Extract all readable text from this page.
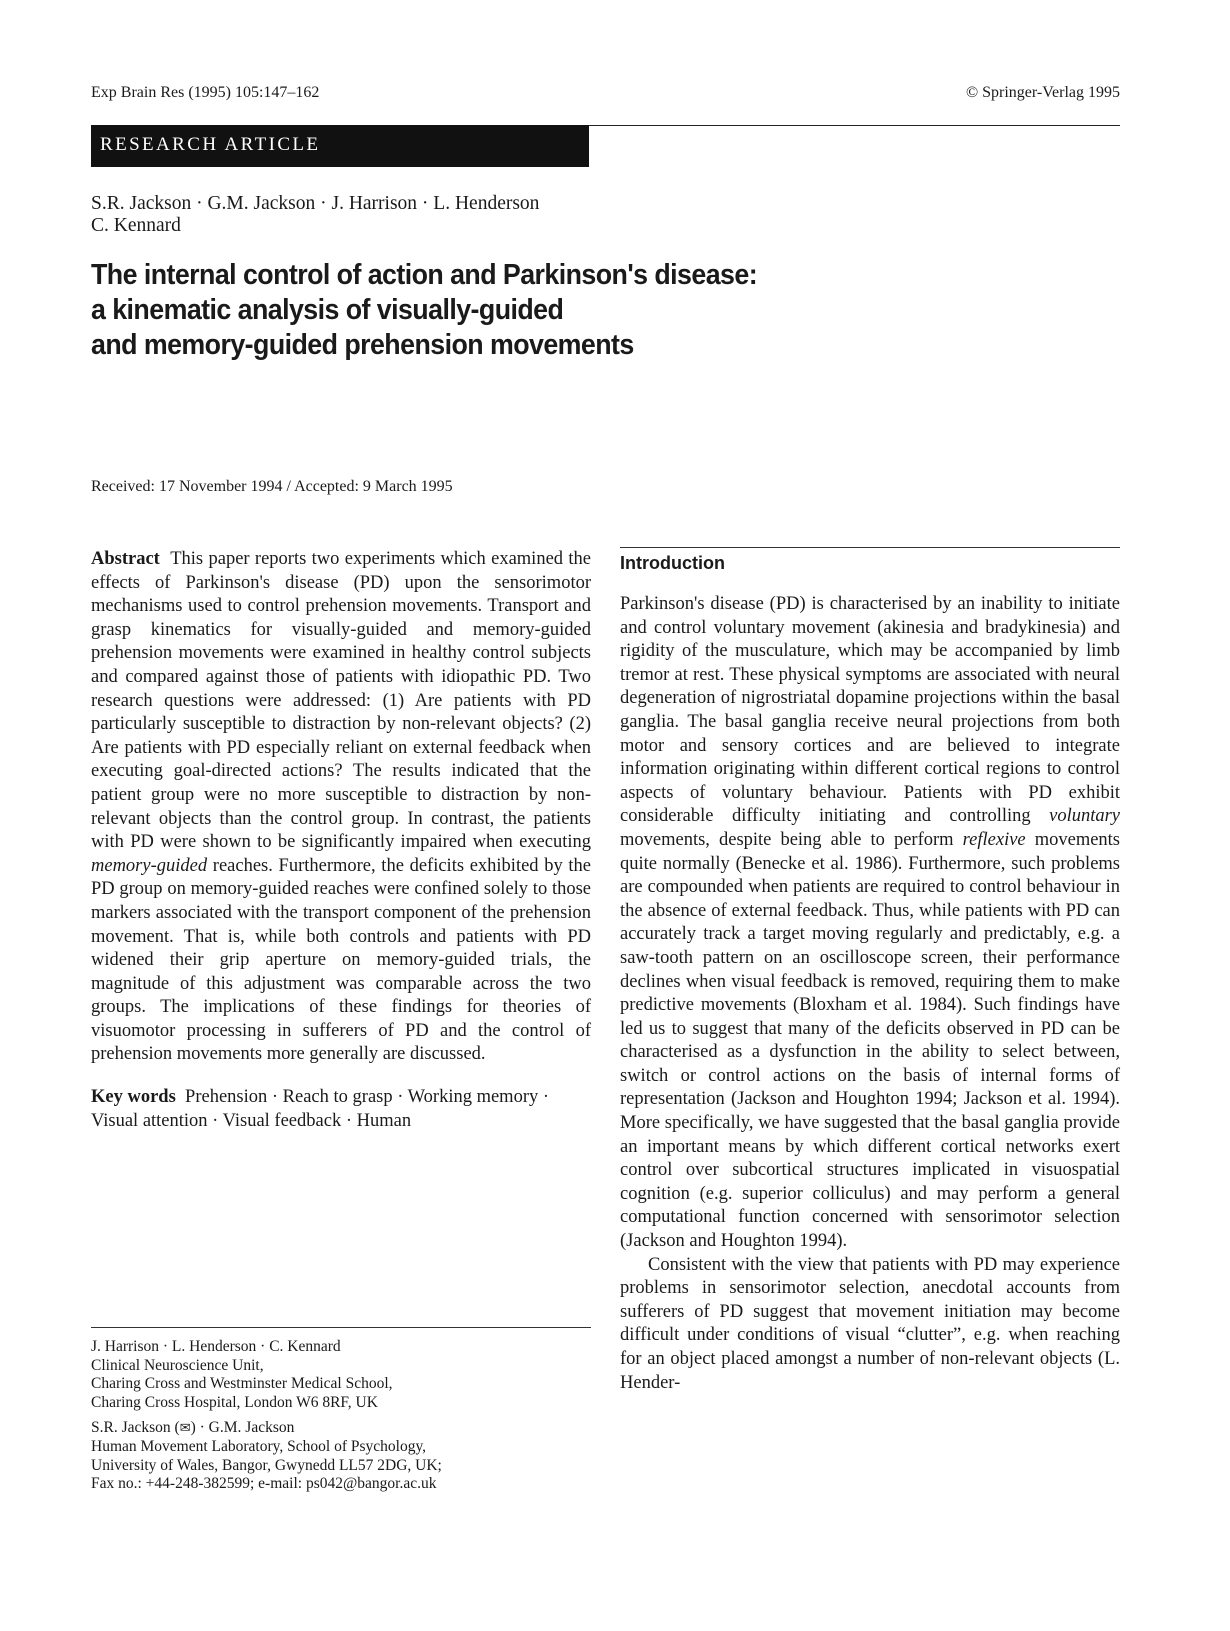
Exp Brain Res (1995) 105:147–162	© Springer-Verlag 1995
RESEARCH ARTICLE
S.R. Jackson · G.M. Jackson · J. Harrison · L. Henderson
C. Kennard
The internal control of action and Parkinson's disease:
a kinematic analysis of visually-guided
and memory-guided prehension movements
Received: 17 November 1994 / Accepted: 9 March 1995

Abstract This paper reports two experiments which examined the effects of Parkinson's disease (PD) upon the sensorimotor mechanisms used to control prehension movements. Transport and grasp kinematics for visually-guided and memory-guided prehension movements were examined in healthy control subjects and compared against those of patients with idiopathic PD. Two research questions were addressed: (1) Are patients with PD particularly susceptible to distraction by non-relevant objects? (2) Are patients with PD especially reliant on external feedback when executing goal-directed actions? The results indicated that the patient group were no more susceptible to distraction by non-relevant objects than the control group. In contrast, the patients with PD were shown to be significantly impaired when executing memory-guided reaches. Furthermore, the deficits exhibited by the PD group on memory-guided reaches were confined solely to those markers associated with the transport component of the prehension movement. That is, while both controls and patients with PD widened their grip aperture on memory-guided trials, the magnitude of this adjustment was comparable across the two groups. The implications of these findings for theories of visuomotor processing in sufferers of PD and the control of prehension movements more generally are discussed.

Key words Prehension · Reach to grasp · Working memory · Visual attention · Visual feedback · Human

J. Harrison · L. Henderson · C. Kennard
Clinical Neuroscience Unit,
Charing Cross and Westminster Medical School,
Charing Cross Hospital, London W6 8RF, UK

S.R. Jackson (✉) · G.M. Jackson
Human Movement Laboratory, School of Psychology,
University of Wales, Bangor, Gwynedd LL57 2DG, UK;
Fax no.: +44-248-382599; e-mail: ps042@bangor.ac.uk

Introduction

Parkinson's disease (PD) is characterised by an inability to initiate and control voluntary movement (akinesia and bradykinesia) and rigidity of the musculature, which may be accompanied by limb tremor at rest. These physical symptoms are associated with neural degeneration of nigrostriatal dopamine projections within the basal ganglia. The basal ganglia receive neural projections from both motor and sensory cortices and are believed to integrate information originating within different cortical regions to control aspects of voluntary behaviour. Patients with PD exhibit considerable difficulty initiating and controlling voluntary movements, despite being able to perform reflexive movements quite normally (Benecke et al. 1986). Furthermore, such problems are compounded when patients are required to control behaviour in the absence of external feedback. Thus, while patients with PD can accurately track a target moving regularly and predictably, e.g. a saw-tooth pattern on an oscilloscope screen, their performance declines when visual feedback is removed, requiring them to make predictive movements (Bloxham et al. 1984). Such findings have led us to suggest that many of the deficits observed in PD can be characterised as a dysfunction in the ability to select between, switch or control actions on the basis of internal forms of representation (Jackson and Houghton 1994; Jackson et al. 1994). More specifically, we have suggested that the basal ganglia provide an important means by which different cortical networks exert control over subcortical structures implicated in visuospatial cognition (e.g. superior colliculus) and may perform a general computational function concerned with sensorimotor selection (Jackson and Houghton 1994).

Consistent with the view that patients with PD may experience problems in sensorimotor selection, anecdotal accounts from sufferers of PD suggest that movement initiation may become difficult under conditions of visual “clutter”, e.g. when reaching for an object placed amongst a number of non-relevant objects (L. Hender-
